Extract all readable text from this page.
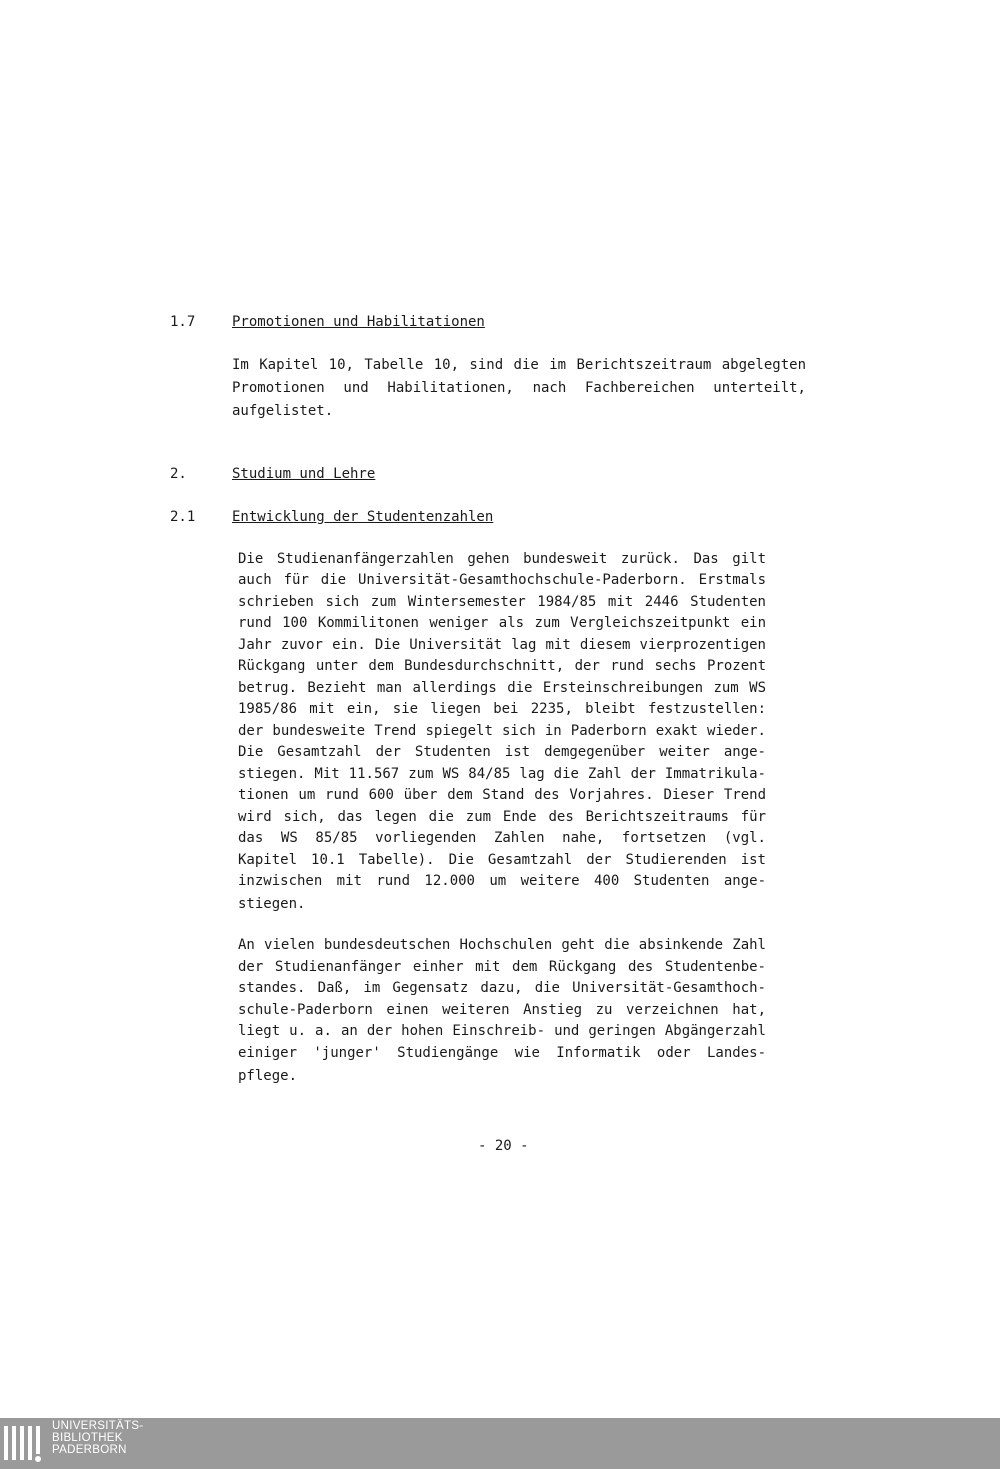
1.7	Promotionen und Habilitationen
Im Kapitel 10, Tabelle 10, sind die im Berichtszeitraum abgelegten
Promotionen und Habilitationen, nach Fachbereichen unterteilt,
aufgelistet.
2.	Studium und Lehre
2.1	Entwicklung der Studentenzahlen
Die Studienanfängerzahlen gehen bundesweit zurück. Das gilt
auch für die Universität-Gesamthochschule-Paderborn. Erstmals
schrieben sich zum Wintersemester 1984/85 mit 2446 Studenten
rund 100 Kommilitonen weniger als zum Vergleichszeitpunkt ein
Jahr zuvor ein. Die Universität lag mit diesem vierprozentigen
Rückgang unter dem Bundesdurchschnitt, der rund sechs Prozent
betrug. Bezieht man allerdings die Ersteinschreibungen zum WS
1985/86 mit ein, sie liegen bei 2235, bleibt festzustellen:
der bundesweite Trend spiegelt sich in Paderborn exakt wieder.
Die Gesamtzahl der Studenten ist demgegenüber weiter ange-
stiegen. Mit 11.567 zum WS 84/85 lag die Zahl der Immatrikula-
tionen um rund 600 über dem Stand des Vorjahres. Dieser Trend
wird sich, das legen die zum Ende des Berichtszeitraums für
das WS 85/85 vorliegenden Zahlen nahe, fortsetzen (vgl.
Kapitel 10.1 Tabelle). Die Gesamtzahl der Studierenden ist
inzwischen mit rund 12.000 um weitere 400 Studenten ange-
stiegen.
An vielen bundesdeutschen Hochschulen geht die absinkende Zahl
der Studienanfänger einher mit dem Rückgang des Studentenbe-
standes. Daß, im Gegensatz dazu, die Universität-Gesamthoch-
schule-Paderborn einen weiteren Anstieg zu verzeichnen hat,
liegt u. a. an der hohen Einschreib- und geringen Abgängerzahl
einiger 'junger' Studiengänge wie Informatik oder Landes-
pflege.
- 20 -
UNIVERSITÄTS-
BIBLIOTHEK
PADERBORN
